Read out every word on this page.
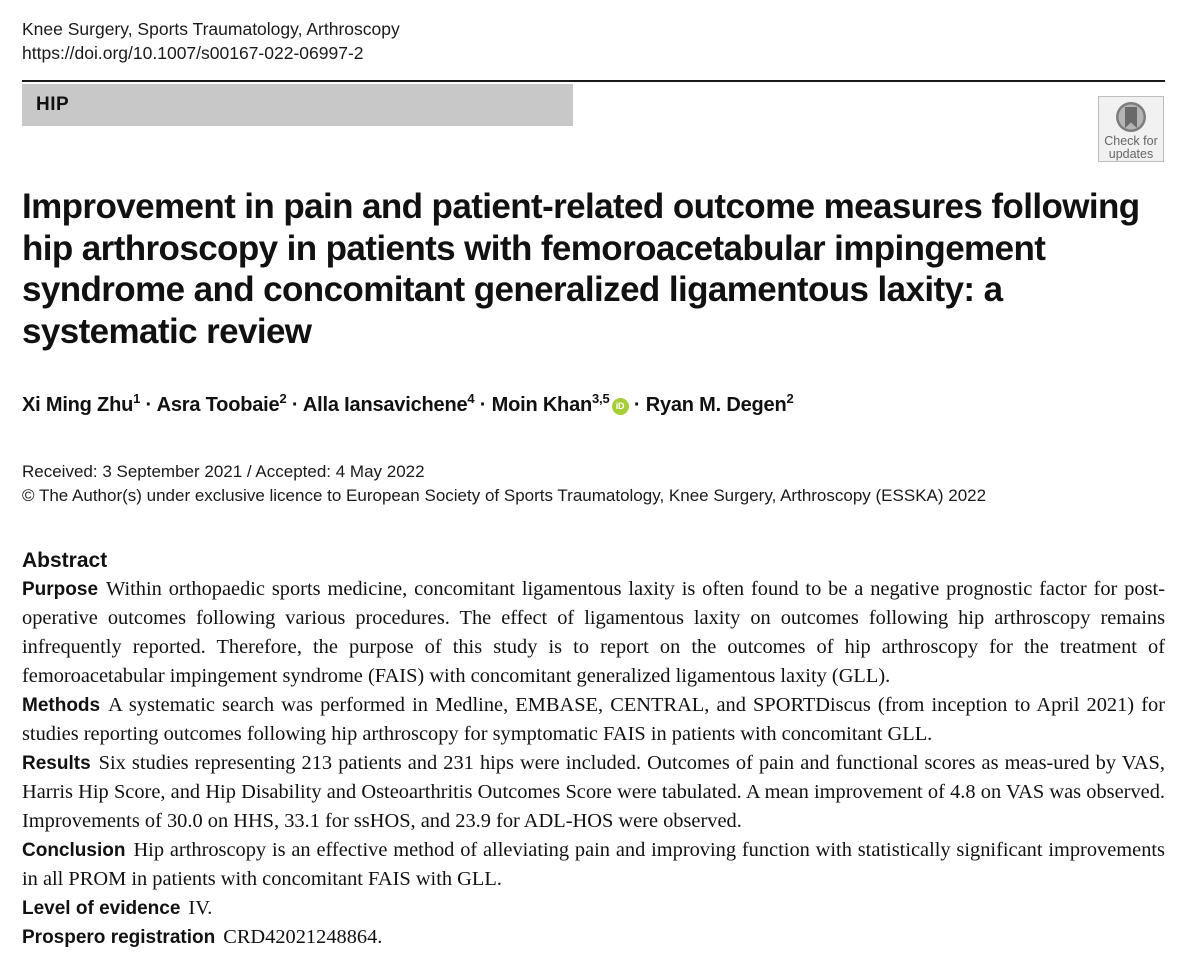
Knee Surgery, Sports Traumatology, Arthroscopy
https://doi.org/10.1007/s00167-022-06997-2
HIP
Check for
updates
Improvement in pain and patient-related outcome measures following hip arthroscopy in patients with femoroacetabular impingement syndrome and concomitant generalized ligamentous laxity: a systematic review
Xi Ming Zhu$^1$ · Asra Toobaie$^2$ · Alla Iansavichene$^4$ · Moin Khan$^{3,5}$ iD · Ryan M. Degen$^2$
Received: 3 September 2021 / Accepted: 4 May 2022
© The Author(s) under exclusive licence to European Society of Sports Traumatology, Knee Surgery, Arthroscopy (ESSKA) 2022
Abstract

Purpose Within orthopaedic sports medicine, concomitant ligamentous laxity is often found to be a negative prognostic factor for post-operative outcomes following various procedures. The effect of ligamentous laxity on outcomes following hip arthroscopy remains infrequently reported. Therefore, the purpose of this study is to report on the outcomes of hip arthroscopy for the treatment of femoroacetabular impingement syndrome (FAIS) with concomitant generalized ligamentous laxity (GLL).

Methods A systematic search was performed in Medline, EMBASE, CENTRAL, and SPORTDiscus (from inception to April 2021) for studies reporting outcomes following hip arthroscopy for symptomatic FAIS in patients with concomitant GLL.

Results Six studies representing 213 patients and 231 hips were included. Outcomes of pain and functional scores as meas-ured by VAS, Harris Hip Score, and Hip Disability and Osteoarthritis Outcomes Score were tabulated. A mean improvement of 4.8 on VAS was observed. Improvements of 30.0 on HHS, 33.1 for ssHOS, and 23.9 for ADL-HOS were observed.

Conclusion Hip arthroscopy is an effective method of alleviating pain and improving function with statistically significant improvements in all PROM in patients with concomitant FAIS with GLL.

Level of evidence IV.

Prospero registration CRD42021248864.
